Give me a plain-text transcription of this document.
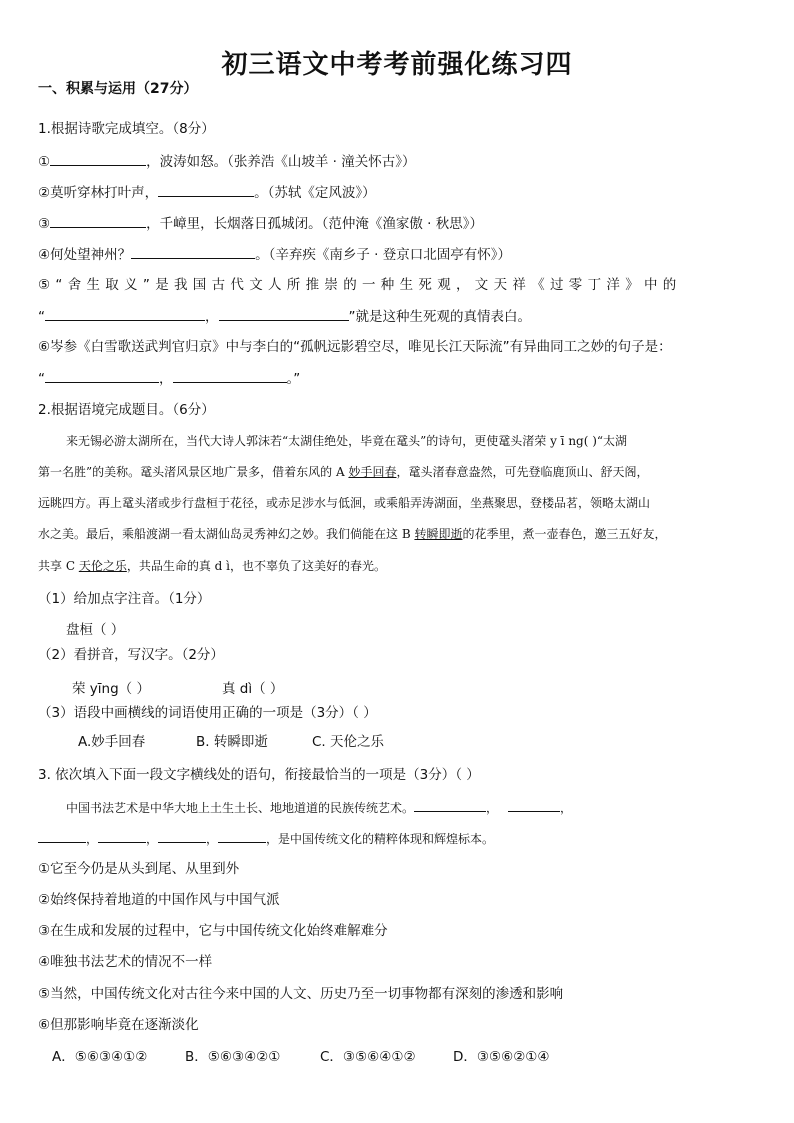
初三语文中考考前强化练习四
一、积累与运用（27分）
1.根据诗歌完成填空。（8分）
①	，波涛如怒。（张养浩《山坡羊 · 潼关怀古》）
②莫听穿林打叶声，	。（苏轼《定风波》）
③	，千嶂里，长烟落日孤城闭。（范仲淹《渔家傲 · 秋思》）
④何处望神州？	。（辛弃疾《南乡子 · 登京口北固亭有怀》）
⑤“舍生取义”是我国古代文人所推崇的一种生死观，文天祥《过零丁洋》中的
“	，	”就是这种生死观的真情表白。
⑥岑参《白雪歌送武判官归京》中与李白的“孤帆远影碧空尽，唯见长江天际流”有异曲同工之妙的句子是：
“	，	。”
2.根据语境完成题目。（6分）
来无锡必游太湖所在，当代大诗人郭沫若“太湖佳绝处，毕竟在鼋头”的诗句，更使鼋头渚荣 y ī ng( )“太湖
第一名胜”的美称。鼋头渚风景区地广景多，借着东风的 A 妙手回春，鼋头渚春意盎然，可先登临鹿顶山、舒天阁，
远眺四方。再上鼋头渚或步行盘桓于花径，或赤足涉水与低洄，或乘船弄涛湖面，坐燕聚思，登楼品茗，领略太湖山
水之美。最后，乘船渡湖一看太湖仙岛灵秀神幻之妙。我们倘能在这 B 转瞬即逝的花季里，煮一壶春色，邀三五好友，
共享 C 天伦之乐，共品生命的真 d ì，也不辜负了这美好的春光。
（1）给加点字注音。（1分）
盘桓（ ）
（2）看拼音，写汉字。（2分）
荣 yīng（ ）	真 dì（ ）
（3）语段中画横线的词语使用正确的一项是（3分）（ ）
A.妙手回春	B. 转瞬即逝	C. 天伦之乐
3. 依次填入下面一段文字横线处的语句，衔接最恰当的一项是（3分）（ ）
中国书法艺术是中华大地上土生土长、地地道道的民族传统艺术。	，	，
，	，	，	，是中国传统文化的精粹体现和辉煌标本。
①它至今仍是从头到尾、从里到外
②始终保持着地道的中国作风与中国气派
③在生成和发展的过程中，它与中国传统文化始终难解难分
④唯独书法艺术的情况不一样
⑤当然，中国传统文化对古往今来中国的人文、历史乃至一切事物都有深刻的渗透和影响
⑥但那影响毕竟在逐渐淡化
A．⑤⑥③④①②	B．⑤⑥③④②①	C．③⑤⑥④①②	D．③⑤⑥②①④
